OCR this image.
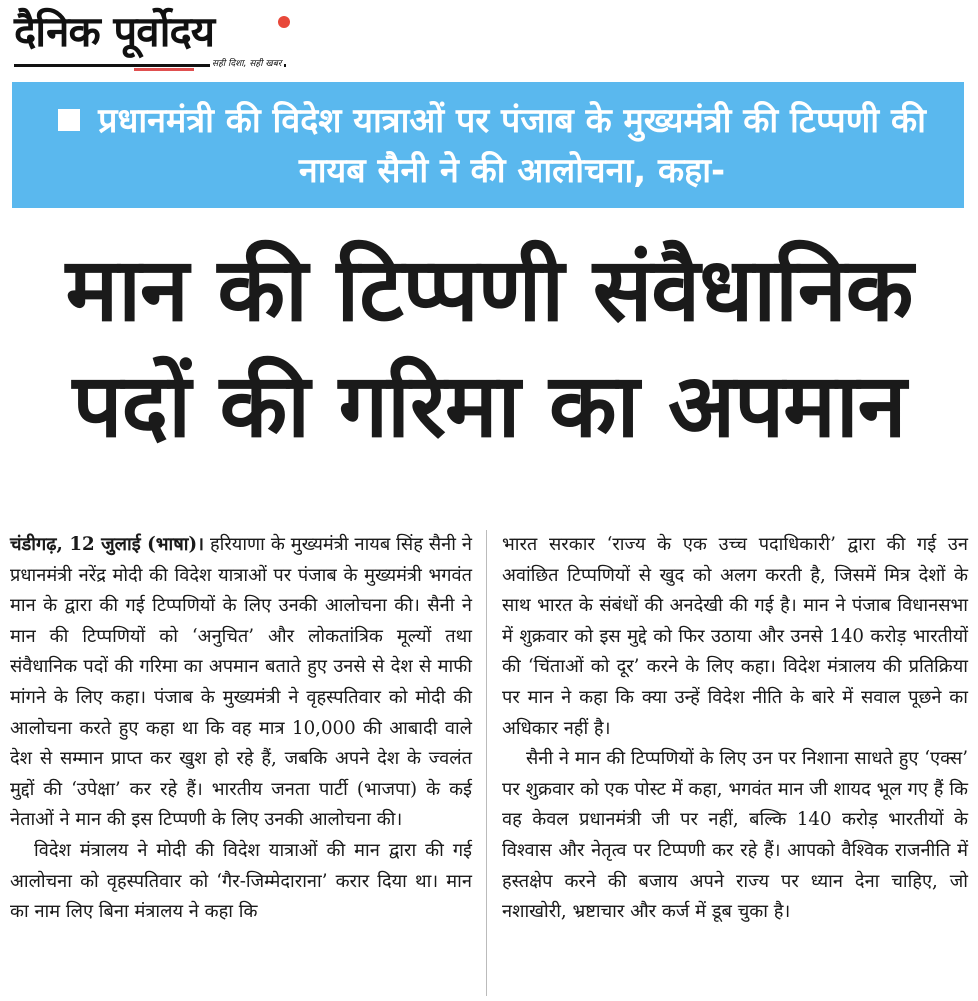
दैनिक पूर्वोदय
सही दिशा, सही खबर
प्रधानमंत्री की विदेश यात्राओं पर पंजाब के मुख्यमंत्री की टिप्पणी की नायब सैनी ने की आलोचना, कहा-
मान की टिप्पणी संवैधानिक
पदों की गरिमा का अपमान

चंडीगढ़, 12 जुलाई (भाषा)। हरियाणा के मुख्यमंत्री नायब सिंह सैनी ने प्रधानमंत्री नरेंद्र मोदी की विदेश यात्राओं पर पंजाब के मुख्यमंत्री भगवंत मान के द्वारा की गई टिप्पणियों के लिए उनकी आलोचना की। सैनी ने मान की टिप्पणियों को ‘अनुचित’ और लोकतांत्रिक मूल्यों तथा संवैधानिक पदों की गरिमा का अपमान बताते हुए उनसे से देश से माफी मांगने के लिए कहा। पंजाब के मुख्यमंत्री ने वृहस्पतिवार को मोदी की आलोचना करते हुए कहा था कि वह मात्र 10,000 की आबादी वाले देश से सम्मान प्राप्त कर खुश हो रहे हैं, जबकि अपने देश के ज्वलंत मुद्दों की ‘उपेक्षा’ कर रहे हैं। भारतीय जनता पार्टी (भाजपा) के कई नेताओं ने मान की इस टिप्पणी के लिए उनकी आलोचना की।

विदेश मंत्रालय ने मोदी की विदेश यात्राओं की मान द्वारा की गई आलोचना को वृहस्पतिवार को ‘गैर-जिम्मेदाराना’ करार दिया था। मान का नाम लिए बिना मंत्रालय ने कहा कि

भारत सरकार ‘राज्य के एक उच्च पदाधिकारी’ द्वारा की गई उन अवांछित टिप्पणियों से खुद को अलग करती है, जिसमें मित्र देशों के साथ भारत के संबंधों की अनदेखी की गई है। मान ने पंजाब विधानसभा में शुक्रवार को इस मुद्दे को फिर उठाया और उनसे 140 करोड़ भारतीयों की ‘चिंताओं को दूर’ करने के लिए कहा। विदेश मंत्रालय की प्रतिक्रिया पर मान ने कहा कि क्या उन्हें विदेश नीति के बारे में सवाल पूछने का अधिकार नहीं है।

सैनी ने मान की टिप्पणियों के लिए उन पर निशाना साधते हुए ‘एक्स’ पर शुक्रवार को एक पोस्ट में कहा, भगवंत मान जी शायद भूल गए हैं कि वह केवल प्रधानमंत्री जी पर नहीं, बल्कि 140 करोड़ भारतीयों के विश्वास और नेतृत्व पर टिप्पणी कर रहे हैं। आपको वैश्विक राजनीति में हस्तक्षेप करने की बजाय अपने राज्य पर ध्यान देना चाहिए, जो नशाखोरी, भ्रष्टाचार और कर्ज में डूब चुका है।
